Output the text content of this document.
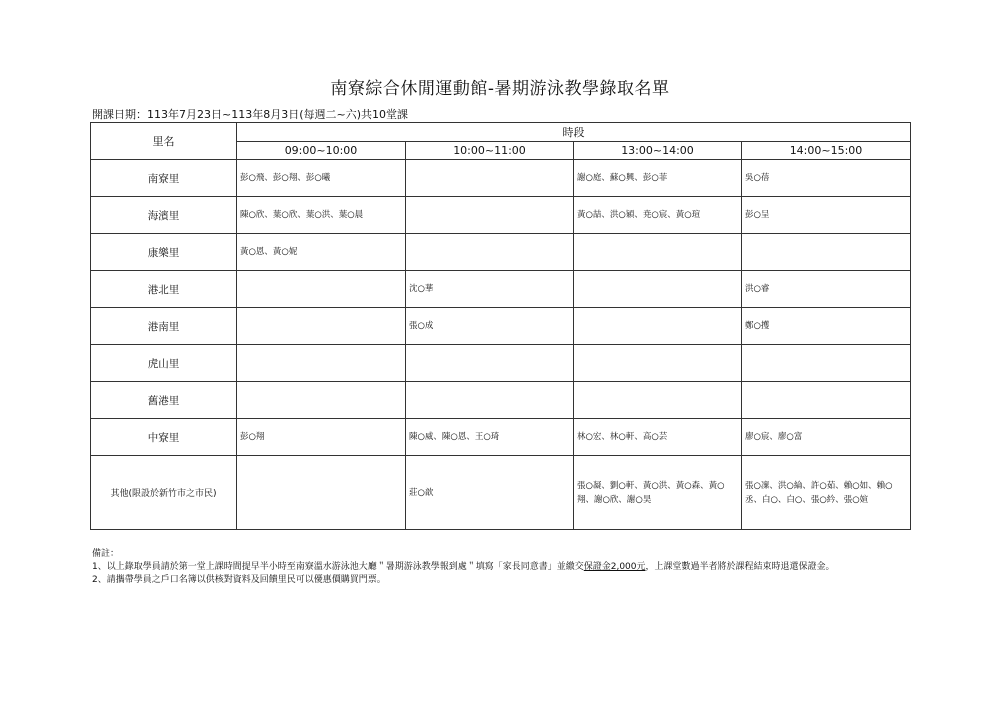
南寮綜合休閒運動館-暑期游泳教學錄取名單
開課日期：113年7月23日~113年8月3日(每週二~六)共10堂課
里名	時段			
	09:00~10:00	10:00~11:00	13:00~14:00	14:00~15:00
南寮里	彭○飛、彭○翔、彭○曦		謝○庭、蘇○興、彭○菲	吳○蓓
海濱里	陳○欣、葉○欣、葉○洪、葉○晨		黃○喆、洪○穎、尭○宸、黃○瑄	彭○呈
康樂里	黃○恩、黃○妮			
港北里		沈○華		洪○睿
港南里		張○成		鄭○擭
虎山里				
舊港里				
中寮里	彭○翔	陳○威、陳○恩、王○琦	林○宏、林○軒、高○芸	廖○宸、廖○富
其他(限設於新竹市之市民)		莊○歆	張○凝、劉○軒、黃○洪、黃○森、黃○翔、謝○欣、謝○昊	張○凜、洪○綸、許○茹、賴○如、賴○丞、白○、白○、張○紟、張○媗
備註：
1、以上錄取學員請於第一堂上課時間提早半小時至南寮溫水游泳池大廳＂暑期游泳教學報到處＂填寫「家長同意書」並繳交保證金2,000元，上課堂數過半者將於課程結束時退還保證金。
2、請攜帶學員之戶口名簿以供核對資料及回饋里民可以優惠價購買門票。
